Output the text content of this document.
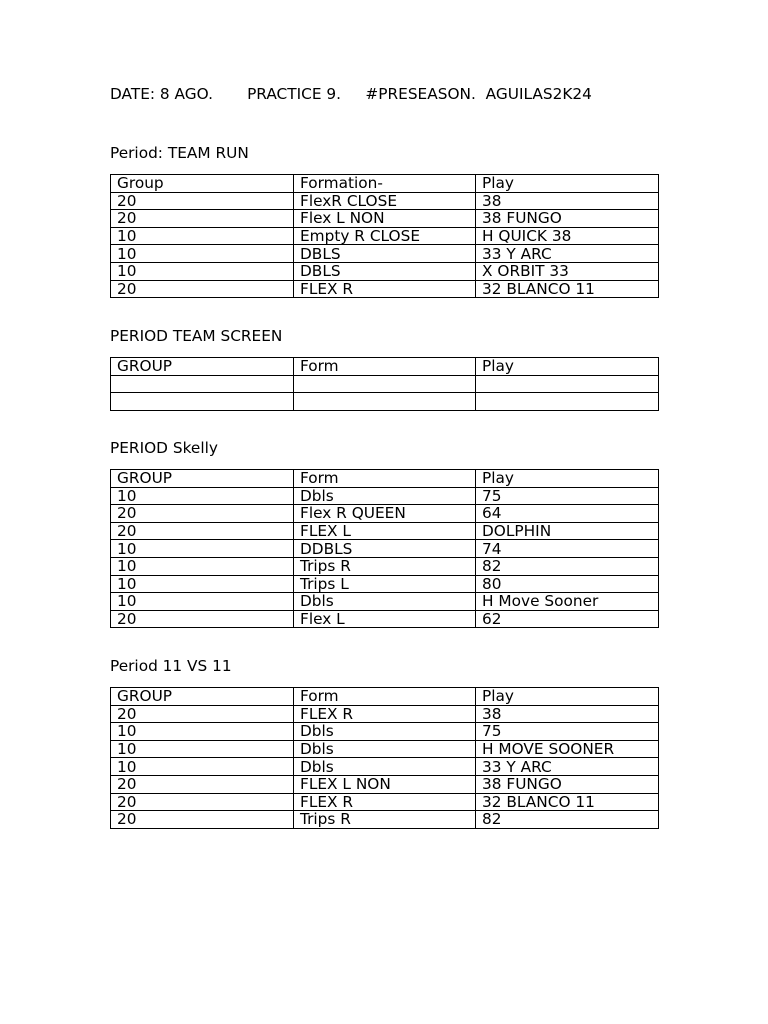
DATE: 8 AGO. PRACTICE 9. #PRESEASON. AGUILAS2K24
Period: TEAM RUN
Group	Formation-	Play
20	FlexR CLOSE	38
20	Flex L NON	38 FUNGO
10	Empty R CLOSE	H QUICK 38
10	DBLS	33 Y ARC
10	DBLS	X ORBIT 33
20	FLEX R	32 BLANCO 11
PERIOD TEAM SCREEN
GROUP	Form	Play

PERIOD Skelly
GROUP	Form	Play
10	Dbls	75
20	Flex R QUEEN	64
20	FLEX L	DOLPHIN
10	DDBLS	74
10	Trips R	82
10	Trips L	80
10	Dbls	H Move Sooner
20	Flex L	62
Period 11 VS 11
GROUP	Form	Play
20	FLEX R	38
10	Dbls	75
10	Dbls	H MOVE SOONER
10	Dbls	33 Y ARC
20	FLEX L NON	38 FUNGO
20	FLEX R	32 BLANCO 11
20	Trips R	82
